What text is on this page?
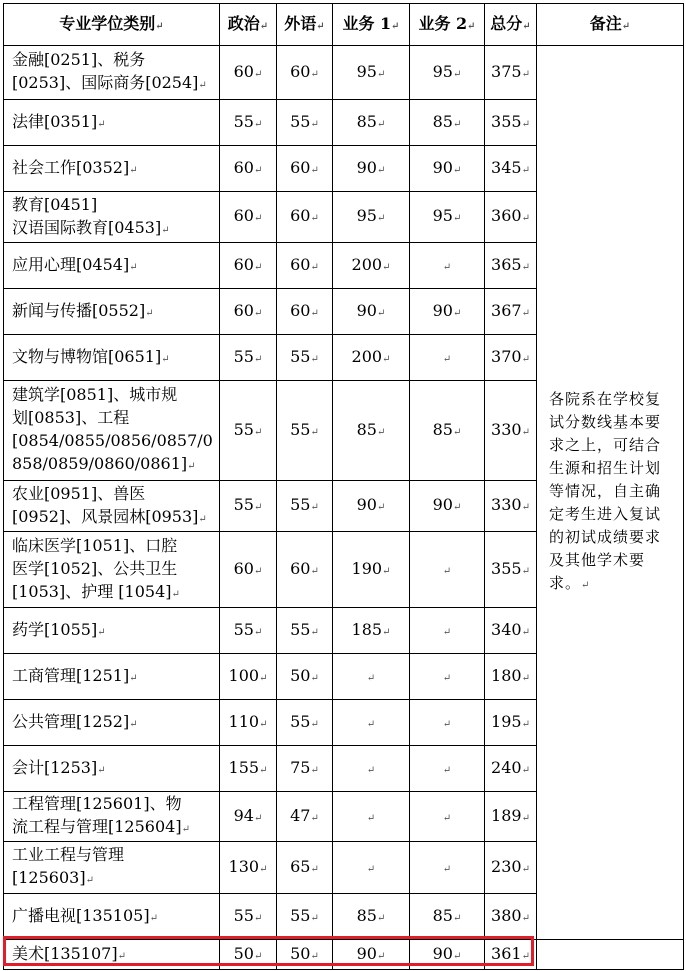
专业学位类别↵	政治↵	外语↵	业务 1↵	业务 2↵	总分↵	备注↵

金融[0251]、税务
[0253]、国际商务[0254]↵	60↵	60↵	95↵	95↵	375↵	各院系在学校复试分数线基本要求之上，可结合生源和招生计划等情况，自主确定考生进入复试的初试成绩要求及其他学术要求。↵

法律[0351]↵	55↵	55↵	85↵	85↵	355↵	

社会工作[0352]↵	60↵	60↵	90↵	90↵	345↵	

教育[0451]
汉语国际教育[0453]↵	60↵	60↵	95↵	95↵	360↵	

应用心理[0454]↵	60↵	60↵	200↵	↵	365↵	

新闻与传播[0552]↵	60↵	60↵	90↵	90↵	367↵	

文物与博物馆[0651]↵	55↵	55↵	200↵	↵	370↵	

建筑学[0851]、城市规
划[0853]、工程
[0854/0855/0856/0857/0
858/0859/0860/0861]↵	55↵	55↵	85↵	85↵	330↵	

农业[0951]、兽医
[0952]、风景园林[0953]↵	55↵	55↵	90↵	90↵	330↵	

临床医学[1051]、口腔
医学[1052]、公共卫生
[1053]、护理 [1054]↵	60↵	60↵	190↵	↵	355↵	

药学[1055]↵	55↵	55↵	185↵	↵	340↵	

工商管理[1251]↵	100↵	50↵	↵	↵	180↵	

公共管理[1252]↵	110↵	55↵	↵	↵	195↵	

会计[1253]↵	155↵	75↵	↵	↵	240↵	

工程管理[125601]、物
流工程与管理[125604]↵	94↵	47↵	↵	↵	189↵	

工业工程与管理
[125603]↵	130↵	65↵	↵	↵	230↵	

广播电视[135105]↵	55↵	55↵	85↵	85↵	380↵	

美术[135107]↵	50↵	50↵	90↵	90↵	361↵	
